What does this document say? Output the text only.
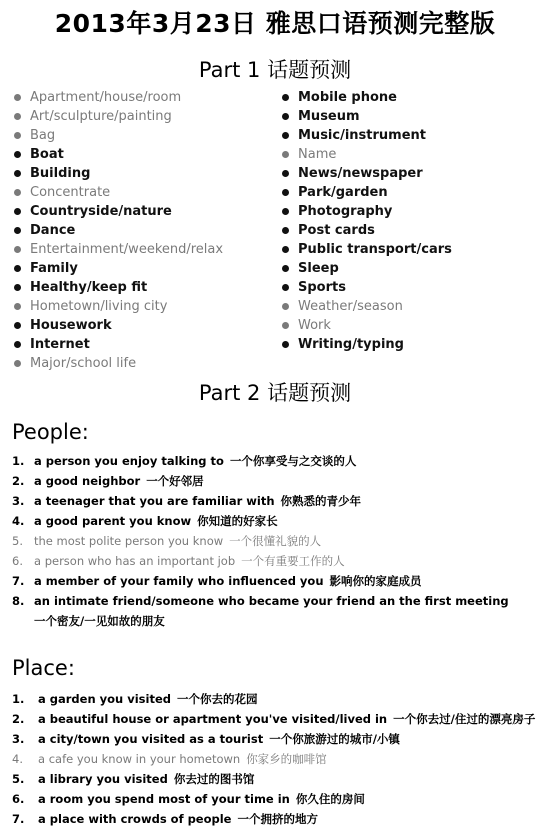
2013年3月23日 雅思口语预测完整版
Part 1 话题预测
Apartment/house/room
Art/sculpture/painting
Bag
Boat
Building
Concentrate
Countryside/nature
Dance
Entertainment/weekend/relax
Family
Healthy/keep fit
Hometown/living city
Housework
Internet
Major/school life
Mobile phone
Museum
Music/instrument
Name
News/newspaper
Park/garden
Photography
Post cards
Public transport/cars
Sleep
Sports
Weather/season
Work
Writing/typing
Part 2 话题预测
People:
1. a person you enjoy talking to 一个你享受与之交谈的人
2. a good neighbor 一个好邻居
3. a teenager that you are familiar with 你熟悉的青少年
4. a good parent you know 你知道的好家长
5. the most polite person you know 一个很懂礼貌的人
6. a person who has an important job 一个有重要工作的人
7. a member of your family who influenced you 影响你的家庭成员
8. an intimate friend/someone who became your friend an the first meeting
一个密友/一见如故的朋友
Place:
1.	a garden you visited 一个你去的花园
2.	a beautiful house or apartment you've visited/lived in 一个你去过/住过的漂亮房子
3.	a city/town you visited as a tourist 一个你旅游过的城市/小镇
4.	a cafe you know in your hometown 你家乡的咖啡馆
5.	a library you visited 你去过的图书馆
6.	a room you spend most of your time in 你久住的房间
7.	a place with crowds of people 一个拥挤的地方
